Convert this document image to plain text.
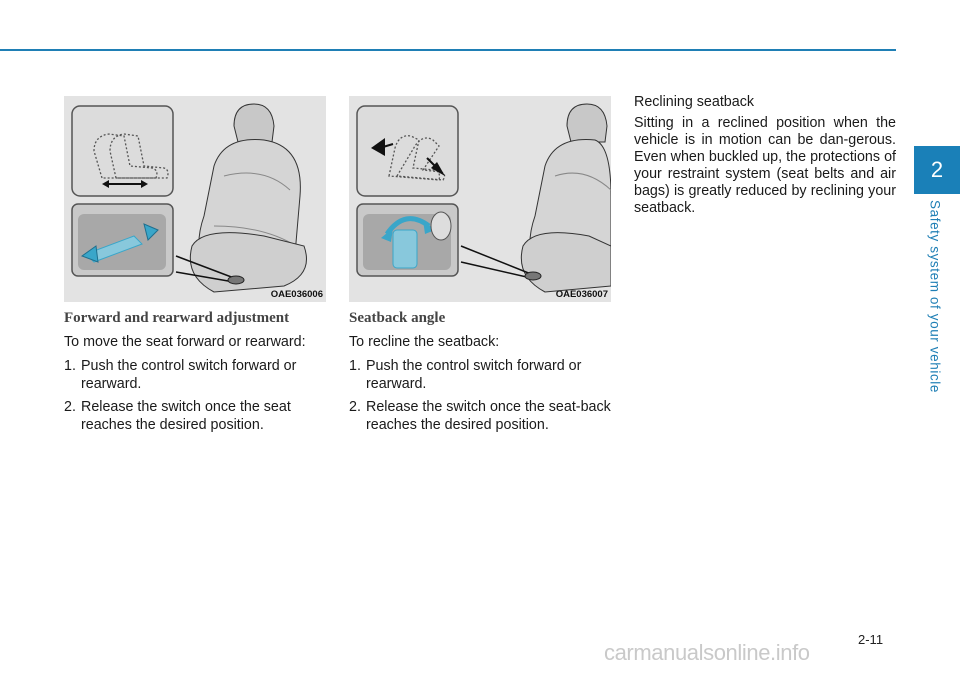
2
Safety system of your vehicle
OAE036006	OAE036007
Forward and rearward adjustment

To move the seat forward or rearward:

1. Push the control switch forward or rearward.
2. Release the switch once the seat reaches the desired position.
Seatback angle

To recline the seatback:

1. Push the control switch forward or rearward.
2. Release the switch once the seat-back reaches the desired position.
Reclining seatback

Sitting in a reclined position when the vehicle is in motion can be dan-gerous. Even when buckled up, the protections of your restraint system (seat belts and air bags) is greatly reduced by reclining your seatback.

2-11
carmanualsonline.info
